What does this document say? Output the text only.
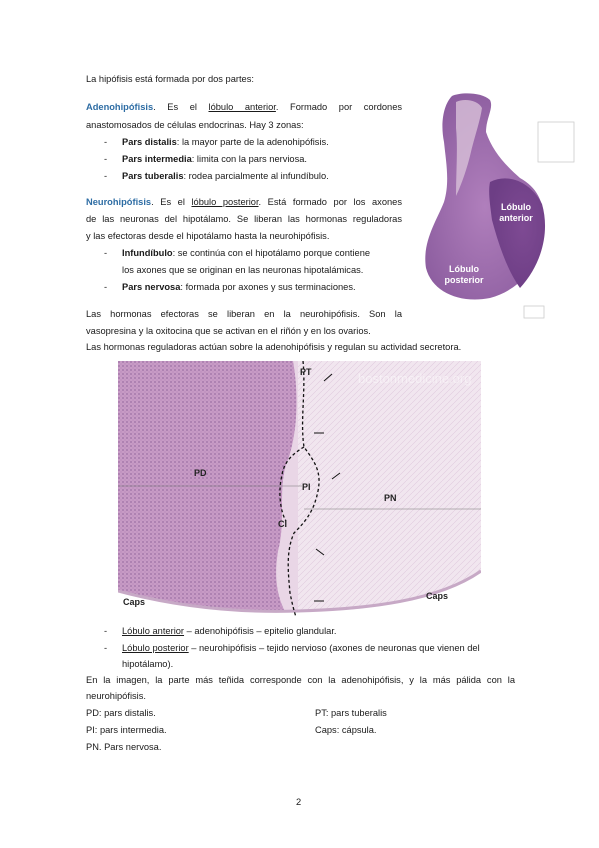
La hipófisis está formada por dos partes:
Adenohipófisis. Es el lóbulo anterior. Formado por cordones
anastomosados de células endocrinas. Hay 3 zonas:
- Pars distalis: la mayor parte de la adenohipófisis.
- Pars intermedia: limita con la pars nerviosa.
- Pars tuberalis: rodea parcialmente al infundíbulo.
Neurohipófisis. Es el lóbulo posterior. Está formado por los axones
de las neuronas del hipotálamo. Se liberan las hormonas reguladoras
y las efectoras desde el hipotálamo hasta la neurohipófisis.
- Infundíbulo: se continúa con el hipotálamo porque contiene
los axones que se originan en las neuronas hipotalámicas.
- Pars nervosa: formada por axones y sus terminaciones.
Lóbulo anterior
Lóbulo posterior
Las hormonas efectoras se liberan en la neurohipófisis. Son la
vasopresina y la oxitocina que se activan en el riñón y en los ovarios.
Las hormonas reguladoras actúan sobre la adenohipófisis y regulan su actividad secretora.
bostonmedicine.org
PT
PD
PI
PN
CI
Caps
Caps
- Lóbulo anterior – adenohipófisis – epitelio glandular.
- Lóbulo posterior – neurohipófisis – tejido nervioso (axones de neuronas que vienen del
hipotálamo).
En la imagen, la parte más teñida corresponde con la adenohipófisis, y la más pálida con la
neurohipófisis.
PD: pars distalis.	PT: pars tuberalis
PI: pars intermedia.	Caps: cápsula.
PN. Pars nervosa.
2
